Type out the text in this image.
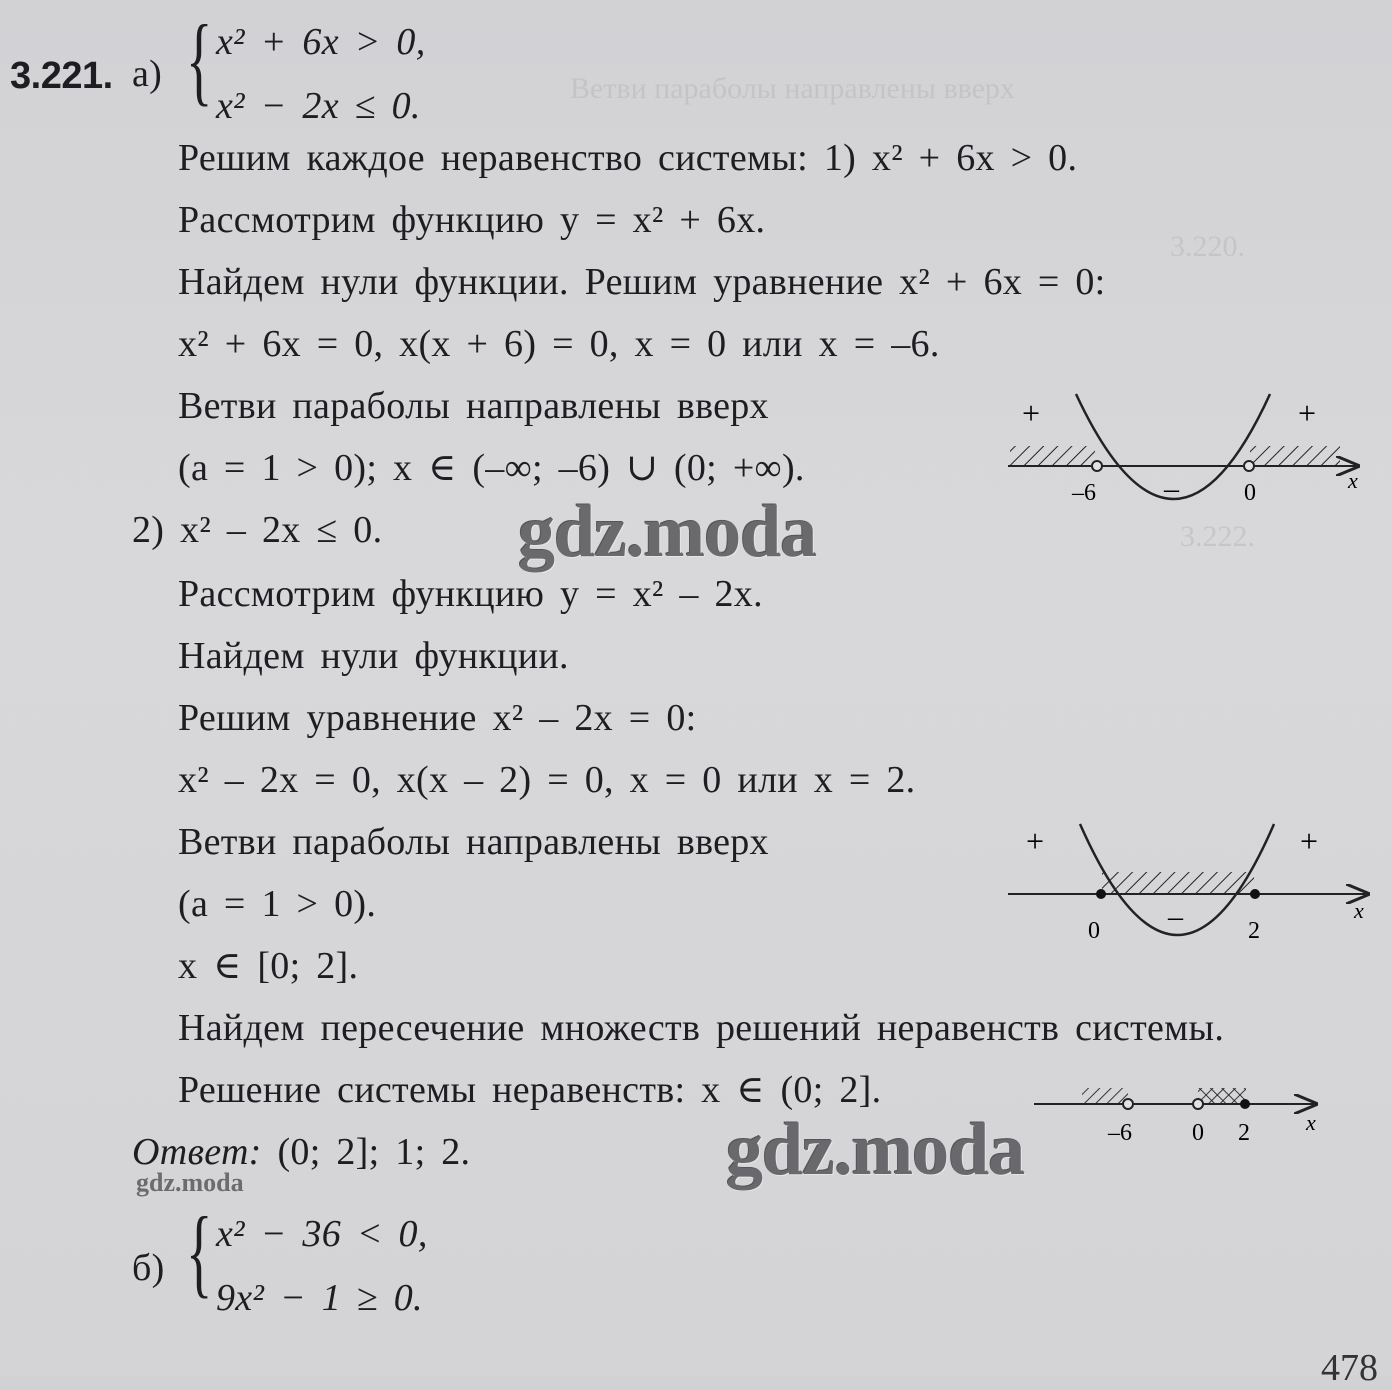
Ветви параболы направлены вверх
3.220.
3.222.
3.221. а) { x² + 6x > 0,
x² − 2x ≤ 0.
Решим каждое неравенство системы: 1) x² + 6x > 0.
Рассмотрим функцию y = x² + 6x.
Найдем нули функции. Решим уравнение x² + 6x = 0:
x² + 6x = 0, x(x + 6) = 0, x = 0 или x = –6.
Ветви параболы направлены вверх
(a = 1 > 0); x ∈ (–∞; –6) ∪ (0; +∞).
2) x² – 2x ≤ 0.
Рассмотрим функцию y = x² – 2x.
Найдем нули функции.
Решим уравнение x² – 2x = 0:
x² – 2x = 0, x(x – 2) = 0, x = 0 или x = 2.
Ветви параболы направлены вверх
(a = 1 > 0).
x ∈ [0; 2].
Найдем пересечение множеств решений неравенств системы.
Решение системы неравенств: x ∈ (0; 2].
Ответ: (0; 2]; 1; 2.
б) { x² − 36 < 0,
9x² − 1 ≥ 0.
+	+
–
–6	0	x
+	+
–
0	2
x
–6	0 2	x
gdz.moda
gdz.moda
gdz.moda
478
